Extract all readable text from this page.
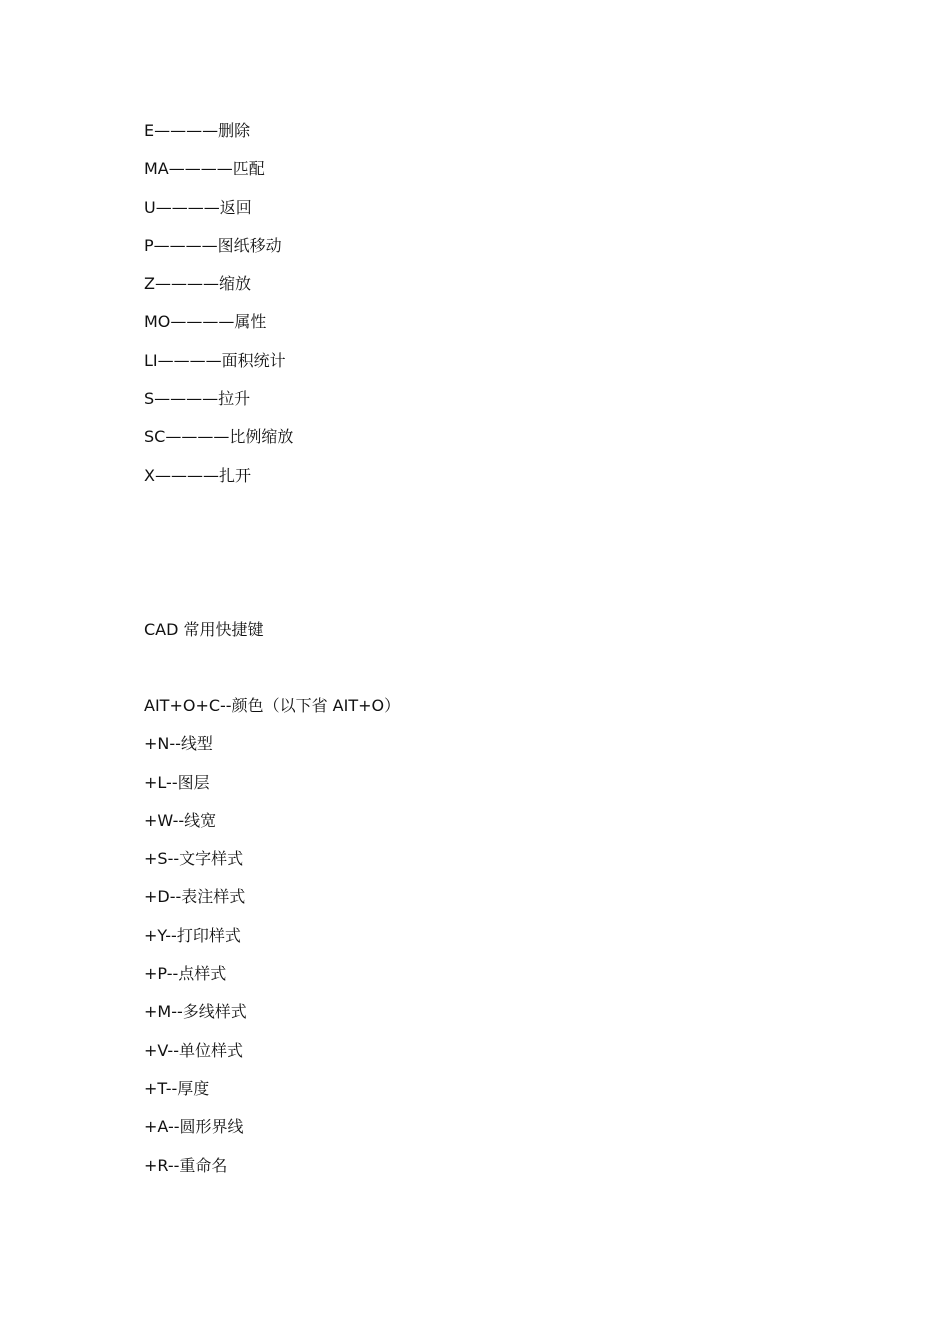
E————删除
MA————匹配
U————返回
P————图纸移动
Z————缩放
MO————属性
LI————面积统计
S————拉升
SC————比例缩放
X————扎开
CAD 常用快捷键
AIT+O+C--颜色（以下省 AIT+O）
+N--线型
+L--图层
+W--线宽
+S--文字样式
+D--表注样式
+Y--打印样式
+P--点样式
+M--多线样式
+V--单位样式
+T--厚度
+A--圆形界线
+R--重命名
